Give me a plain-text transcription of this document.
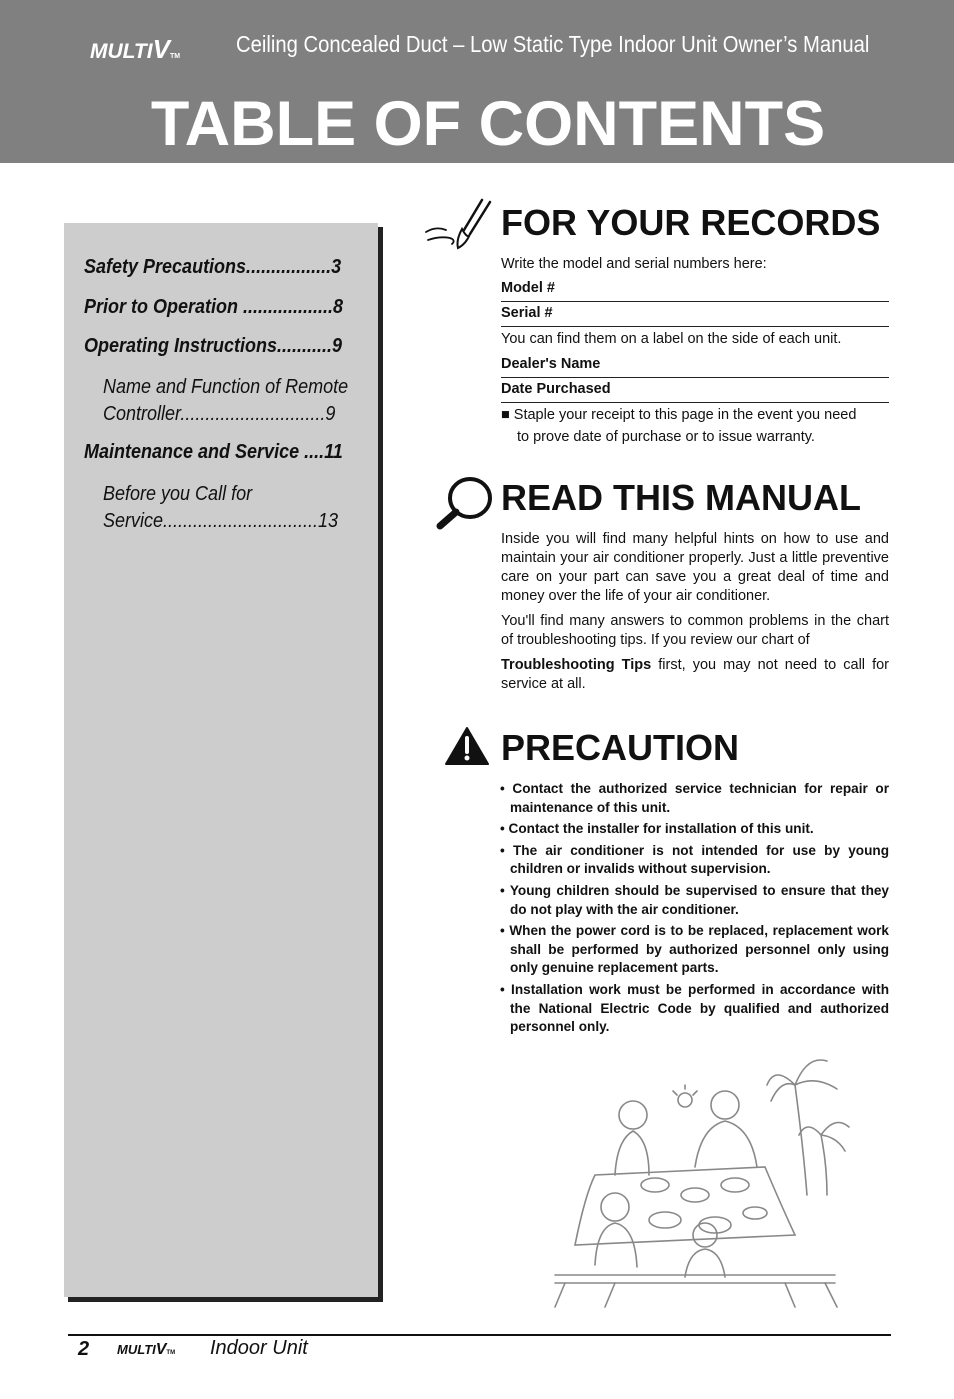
MULTIVTM Ceiling Concealed Duct – Low Static Type Indoor Unit Owner’s Manual
TABLE OF CONTENTS
Safety Precautions.................3
Prior to Operation ..................8
Operating Instructions...........9
Name and Function of Remote
Controller.............................9
Maintenance and Service ....11
Before you Call for
Service...............................13
FOR YOUR RECORDS
Write the model and serial numbers here:
Model #
Serial #
You can find them on a label on the side of each unit.
Dealer's Name
Date Purchased
■ Staple your receipt to this page in the event you need
to prove date of purchase or to issue warranty.
READ THIS MANUAL
Inside you will find many helpful hints on how to use and maintain your air conditioner properly. Just a little preventive care on your part can save you a great deal of time and money over the life of your air conditioner.
You'll find many answers to common problems in the chart of troubleshooting tips. If you review our chart of
Troubleshooting Tips first, you may not need to call for service at all.
PRECAUTION
• Contact the authorized service technician for repair or maintenance of this unit.
• Contact the installer for installation of this unit.
• The air conditioner is not intended for use by young children or invalids without supervision.
• Young children should be supervised to ensure that they do not play with the air conditioner.
• When the power cord is to be replaced, replacement work shall be performed by authorized personnel only using only genuine replacement parts.
• Installation work must be performed in accordance with the National Electric Code by qualified and authorized personnel only.
2 MULTIVTM Indoor Unit
